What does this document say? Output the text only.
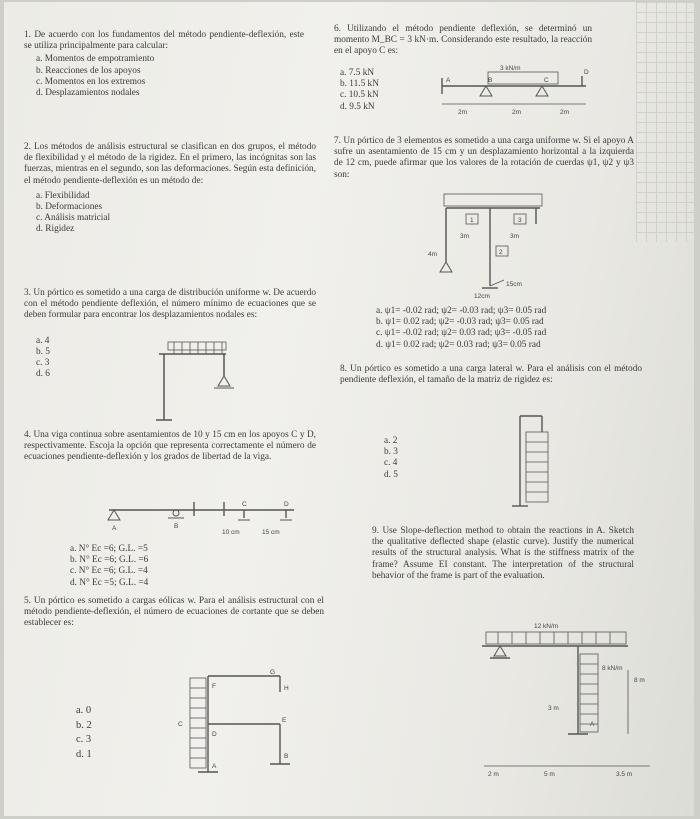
1. De acuerdo con los fundamentos del método pendiente-deflexión, este se utiliza principalmente para calcular:

a. Momentos de empotramiento

b. Reacciones de los apoyos

c. Momentos en los extremos

d. Desplazamientos nodales

2. Los métodos de análisis estructural se clasifican en dos grupos, el método de flexibilidad y el método de la rigidez. En el primero, las incógnitas son las fuerzas, mientras en el segundo, son las deformaciones. Según esta definición, el método pendiente-deflexión es un método de:

a. Flexibilidad

b. Deformaciones

c. Análisis matricial

d. Rigidez

3. Un pórtico es sometido a una carga de distribución uniforme w. De acuerdo con el método pendiente deflexión, el número mínimo de ecuaciones que se deben formular para encontrar los desplazamientos nodales es:

a. 4

b. 5

c. 3

d. 6

4. Una viga continua sobre asentamientos de 10 y 15 cm en los apoyos C y D, respectivamente. Escoja la opción que representa correctamente el número de ecuaciones pendiente-deflexión y los grados de libertad de la viga.

A	B
C	D
10 cm	15 cm

a. N° Ec =6; G.L. =5

b. N° Ec =6; G.L. =6

c. N° Ec =6; G.L. =4

d. N° Ec =5; G.L. =4

5. Un pórtico es sometido a cargas eólicas w. Para el análisis estructural con el método pendiente-deflexión, el número de ecuaciones de cortante que se deben establecer es:

a. 0

b. 2

c. 3

d. 1

A
B
C
D
E
F
G
H

6. Utilizando el método pendiente deflexión, se determinó un momento M_BC = 3 kN·m. Considerando este resultado, la reacción en el apoyo C es:

a. 7.5 kN

b. 11.5 kN

c. 10.5 kN

d. 9.5 kN

3 kN/m
A	B	C
D
2m	2m	2m

7. Un pórtico de 3 elementos es sometido a una carga uniforme w. Si el apoyo A sufre un asentamiento de 15 cm y un desplazamiento horizontal a la izquierda de 12 cm, puede afirmar que los valores de la rotación de cuerdas ψ1, ψ2 y ψ3 son:

1
2
3
3m	3m
4m
12cm
15cm

a. ψ1= -0.02 rad; ψ2= -0.03 rad; ψ3= 0.05 rad

b. ψ1= 0.02 rad; ψ2= -0.03 rad; ψ3= 0.05 rad

c. ψ1= -0.02 rad; ψ2= 0.03 rad; ψ3= -0.05 rad

d. ψ1= 0.02 rad; ψ2= 0.03 rad; ψ3= 0.05 rad

8. Un pórtico es sometido a una carga lateral w. Para el análisis con el método pendiente deflexión, el tamaño de la matriz de rigidez es:

a. 2

b. 3

c. 4

d. 5

9. Use Slope-deflection method to obtain the reactions in A. Sketch the qualitative deflected shape (elastic curve). Justify the numerical results of the structural analysis. What is the stiffness matrix of the frame? Assume EI constant. The interpretation of the structural behavior of the frame is part of the evaluation.

12 kN/m
8 kN/m
A
3 m
8 m
2 m	5 m	3.5 m
